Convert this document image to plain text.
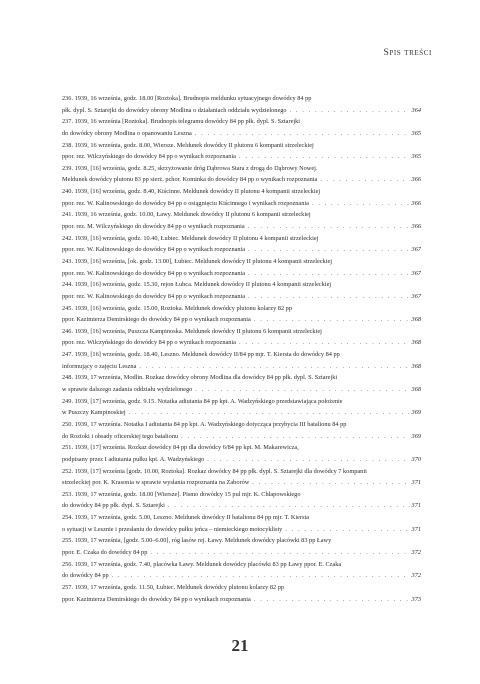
Spis treści
236. 1939, 16 września, godz. 18.00 [Roztoka]. Brudnopis meldunku sytuacyjnego dowódcy 84 pp
płk. dypl. S. Sztarejki do dowódcy obrony Modlina o działaniach oddziału wydzielonego . . .	364
237. 1939, 16 września [Roztoka]. Brudnopis telegramu dowódcy 84 pp płk. dypl. S. Sztarejki
do dowódcy obrony Modlina o opanowaniu Leszna . . .	365
238. 1939, 16 września, godz. 8.00, Wiersze. Meldunek dowódcy II plutonu 6 kompanii strzeleckiej
ppor. rez. Wilczyńskiego do dowódcy 84 pp o wynikach rozpoznania . . .	365
239. 1939, [16] września, godz. 8.25, skrzyżowanie dróg Dąbrowa Stara z drogą do Dąbrowy Nowej.
Meldunek dowódcy plutonu 83 pp sierż. pchor. Kominka do dowódcy 84 pp o wynikach rozpoznania . . .	366
240. 1939, [16] września, godz. 8.40, Kiścinne. Meldunek dowódcy II plutonu 4 kompanii strzeleckiej
ppor. rez. W. Kalinowskiego do dowódcy 84 pp o osiągnięciu Kiścinnego i wynikach rozpoznania . . .	366
241. 1939, 16 września, godz. 10.00, Ławy. Meldunek dowódcy II plutonu 6 kompanii strzeleckiej
ppor. rez. M. Wilczyńskiego do dowódcy 84 pp o wynikach rozpoznania . . .	366
242. 1939, [16] września, godz. 10.40, Łubiec. Meldunek dowódcy II plutonu 4 kompanii strzeleckiej
ppor. rez. W. Kalinowskiego do dowódcy 84 pp o wynikach rozpoznania . . .	367
243. 1939, [16] września, [ok. godz. 13.00], Łubiec. Meldunek dowódcy II plutonu 4 kompanii strzeleckiej
ppor. rez. W. Kalinowskiego do dowódcy 84 pp o wynikach rozpoznania . . .	367
244. 1939, [16] września, godz. 15.30, rejon Łubca. Meldunek dowódcy II plutonu 4 kompanii strzeleckiej
ppor. rez. W. Kalinowskiego do dowódcy 84 pp o wynikach rozpoznania . . .	367
245. 1939, [16] września, godz. 15.00, Roztoka. Meldunek dowódcy plutonu kolarzy 82 pp
ppor. Kazimierza Demirskiego do dowódcy 84 pp o wynikach rozpoznania . . .	368
246. 1939, [16] września, Puszcza Kampinoska. Meldunek dowódcy II plutonu 6 kompanii strzeleckiej
ppor. rez. Wilczyńskiego do dowódcy 84 pp o wynikach rozpoznania . . .	368
247. 1939, [16] września, godz. 18.40, Leszno. Meldunek dowódcy II/84 pp mjr. T. Kiersta do dowódcy 84 pp
informujący o zajęciu Leszna . . .	368
248. 1939, 17 września, Modlin. Rozkaz dowódcy obrony Modlina dla dowódcy 84 pp płk. dypl. S. Sztarejki
w sprawie dalszego zadania oddziału wydzielonego . . .	368
249. 1939, [17] września, godz. 9.15. Notatka adiutanta 84 pp kpt. A. Wadzyńskiego przedstawiająca położenie
w Puszczy Kampinoskiej . . .	369
250. 1939, 17 września. Notatka I adiutanta 84 pp kpt. A. Wadzyńskiego dotycząca przybycia III batalionu 84 pp
do Roztoki i obsady oficerskiej tego batalionu . . .	369
251. 1939, [17] września. Rozkaz dowódcy 84 pp dla dowódcy 6/84 pp kpt. M. Makarewicza,
podpisany przez I adiutanta pułku kpt. A. Wadzyńskiego . . .	370
252. 1939, [17] września [godz. 10.00, Roztoka]. Rozkaz dowódcy 84 pp płk. dypl. S. Sztarejki dla dowódcy 7 kompanii
strzeleckiej por. K. Krasonia w sprawie wysłania rozpoznania na Zaborów . . .	371
253. 1939, 17 września, godz. 18.00 [Wiersze]. Pismo dowódcy 15 pul mjr. K. Chłapowskiego
do dowódcy 84 pp płk. dypl. S. Sztarejki . . .	371
254. 1939, 17 września, godz. 5.00, Leszno. Meldunek dowódcy II batalionu 84 pp mjr. T. Kiersta
o sytuacji w Lesznie i przesłaniu do dowódcy pułku jeńca – niemieckiego motocyklisty . . .	371
255. 1939, 17 września, [godz. 5.00–6.00], róg lasów rej. Ławy. Meldunek dowódcy placówki 83 pp Ławy
ppor. E. Czaka do dowódcy 84 pp . . .	372
256. 1939, 17 września, godz. 7.40, placówka Ławy. Meldunek dowódcy placówki 83 pp Ławy ppor. E. Czaka
do dowódcy 84 pp . . .	372
257. 1939, 17 września, godz. 11.50, Łubiec. Meldunek dowódcy plutonu kolarzy 82 pp
ppor. Kazimierza Demirskiego do dowódcy 84 pp o wynikach rozpoznania . . .	373
21
